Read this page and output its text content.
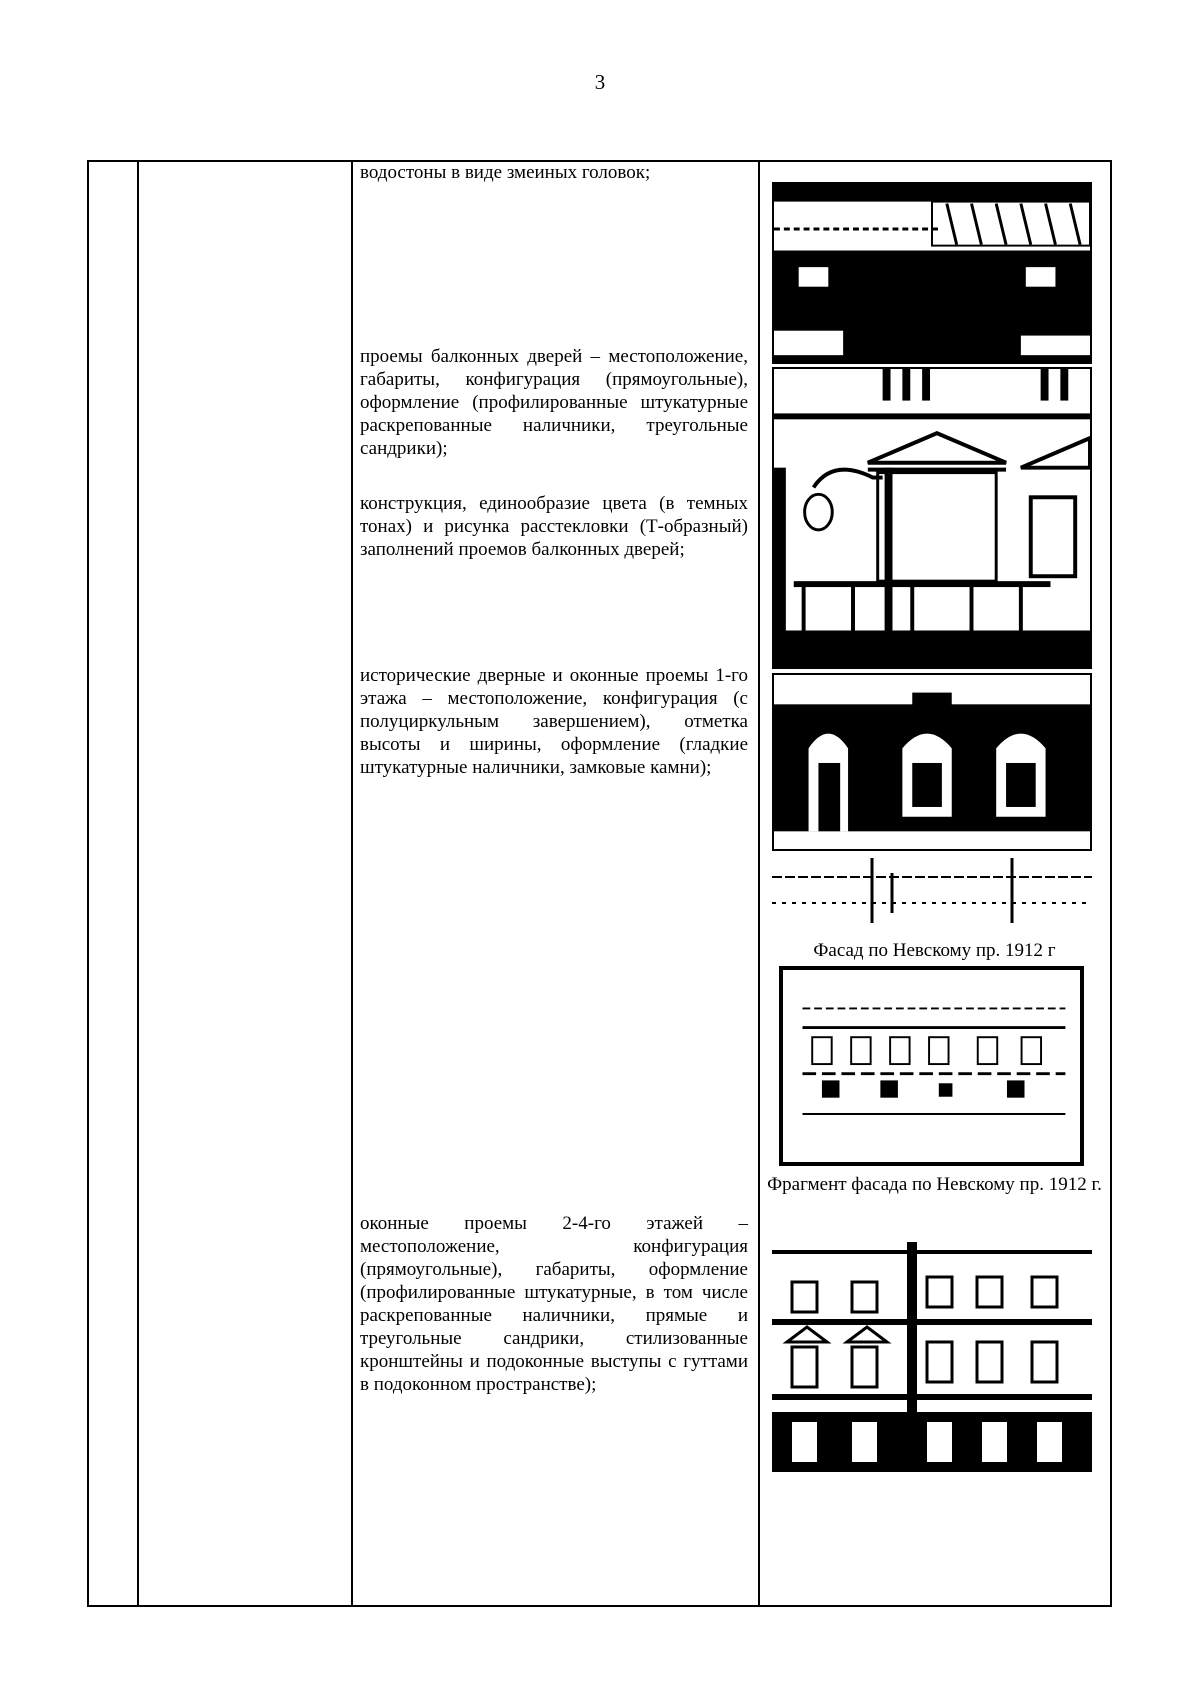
3

водостоны в виде змеиных головок;

проемы балконных дверей – местоположение, габариты, конфигурация (прямоугольные), оформление (профилированные штукатурные раскрепованные наличники, треугольные сандрики);

конструкция, единообразие цвета (в темных тонах) и рисунка расстекловки (Т-образный) заполнений проемов балконных дверей;

исторические дверные и оконные проемы 1-го этажа – местоположение, конфигурация (с полуциркульным завершением), отметка высоты и ширины, оформление (гладкие штукатурные наличники, замковые камни);

оконные проемы 2-4-го этажей – местоположение, конфигурация (прямоугольные), габариты, оформление (профилированные штукатурные, в том числе раскрепованные наличники, прямые и треугольные сандрики, стилизованные кронштейны и подоконные выступы с гуттами в подоконном пространстве);

Фасад по Невскому пр. 1912 г
Фрагмент фасада по Невскому пр. 1912 г.
